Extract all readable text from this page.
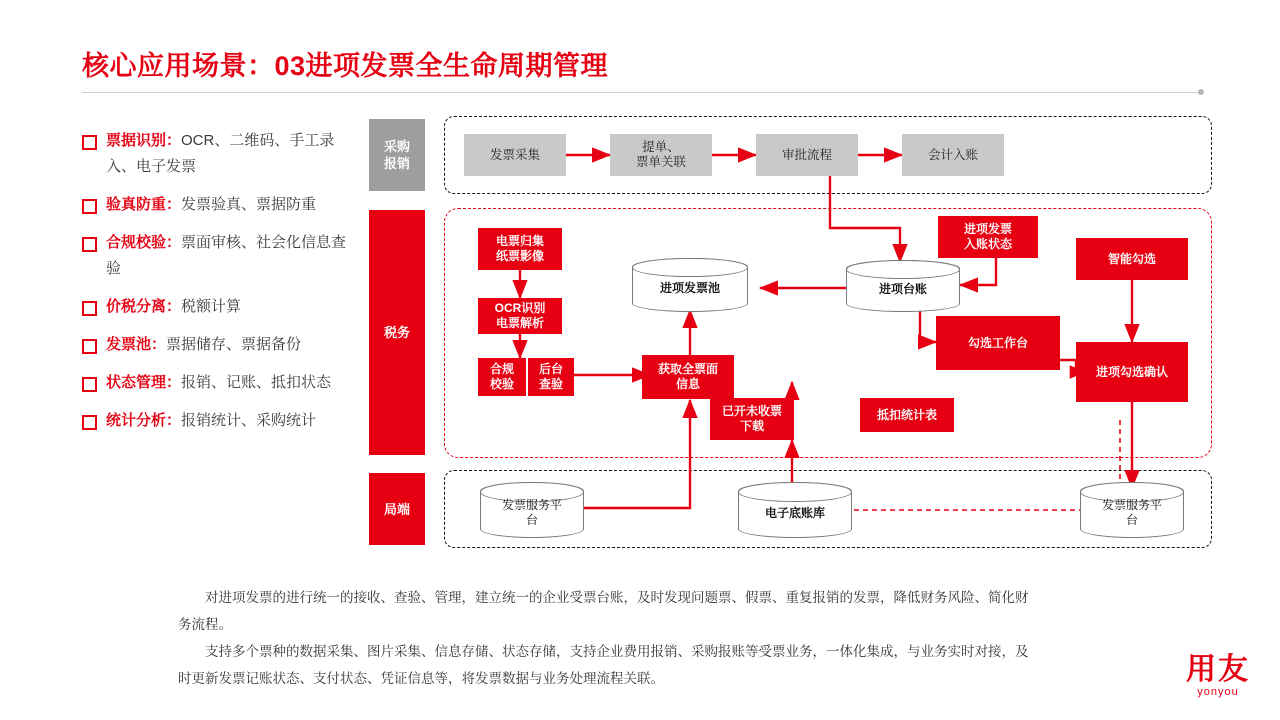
核心应用场景：03进项发票全生命周期管理
票据识别：OCR、二维码、手工录入、电子发票
验真防重：发票验真、票据防重
合规校验：票面审核、社会化信息查验
价税分离：税额计算
发票池：票据储存、票据备份
状态管理：报销、记账、抵扣状态
统计分析：报销统计、采购统计
采购
报销
税务
局端
发票采集
提单、
票单关联
审批流程	会计入账
电票归集
纸票影像
OCR识别
电票解析
合规
校验
后台
查验
获取全票面
信息
已开未收票
下载
抵扣统计表
勾选工作台
进项发票
入账状态
智能勾选
进项勾选确认
进项发票池	进项台账
发票服务平
台
电子底账库
发票服务平
台

对进项发票的进行统一的接收、查验、管理，建立统一的企业受票台账，及时发现问题票、假票、重复报销的发票，降低财务风险、简化财务流程。

支持多个票种的数据采集、图片采集、信息存储、状态存储，支持企业费用报销、采购报账等受票业务，一体化集成，与业务实时对接，及时更新发票记账状态、支付状态、凭证信息等，将发票数据与业务处理流程关联。	用友
yonyou
